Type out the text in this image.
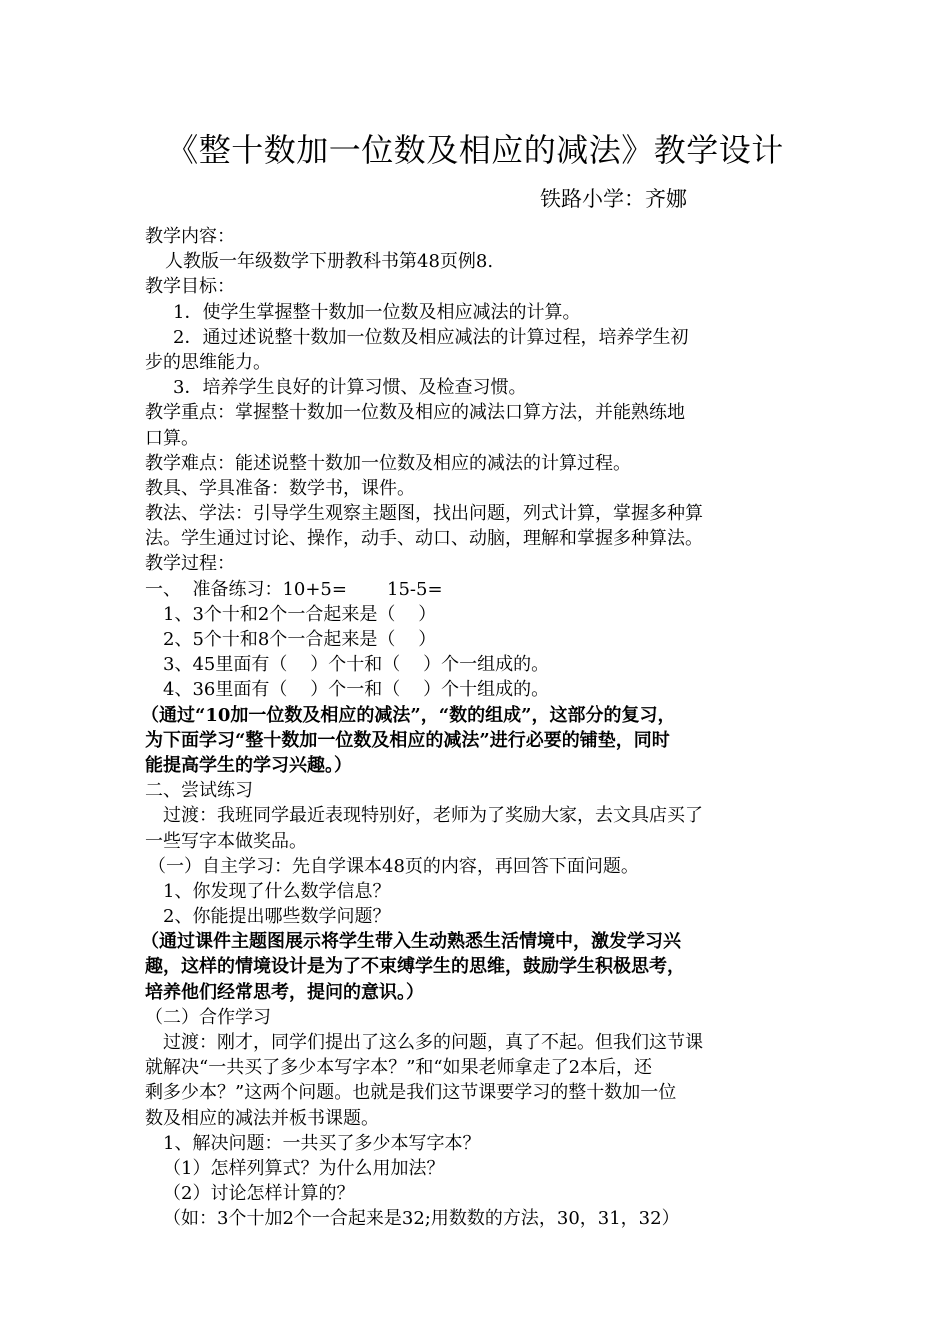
《整十数加一位数及相应的减法》教学设计
铁路小学：齐娜
教学内容：
人教版一年级数学下册教科书第48页例8.
教学目标：
1．使学生掌握整十数加一位数及相应减法的计算。
2．通过述说整十数加一位数及相应减法的计算过程，培养学生初
步的思维能力。
3．培养学生良好的计算习惯、及检查习惯。
教学重点：掌握整十数加一位数及相应的减法口算方法，并能熟练地
口算。
教学难点：能述说整十数加一位数及相应的减法的计算过程。
教具、学具准备：数学书，课件。
教法、学法：引导学生观察主题图，找出问题，列式计算，掌握多种算
法。学生通过讨论、操作，动手、动口、动脑，理解和掌握多种算法。
教学过程：
一、  准备练习：10+5=       15-5=
1、3个十和2个一合起来是（    ）
2、5个十和8个一合起来是（    ）
3、45里面有（    ）个十和（    ）个一组成的。
4、36里面有（    ）个一和（    ）个十组成的。
（通过“10加一位数及相应的减法”，“数的组成”，这部分的复习，
为下面学习“整十数加一位数及相应的减法”进行必要的铺垫，同时
能提高学生的学习兴趣。）
二、尝试练习
过渡：我班同学最近表现特别好，老师为了奖励大家，去文具店买了
一些写字本做奖品。
（一）自主学习：先自学课本48页的内容，再回答下面问题。
1、你发现了什么数学信息？
2、你能提出哪些数学问题？
（通过课件主题图展示将学生带入生动熟悉生活情境中，激发学习兴
趣，这样的情境设计是为了不束缚学生的思维，鼓励学生积极思考，
培养他们经常思考，提问的意识。）
（二）合作学习
过渡：刚才，同学们提出了这么多的问题，真了不起。但我们这节课
就解决“一共买了多少本写字本？”和“如果老师拿走了2本后，还
剩多少本？”这两个问题。也就是我们这节课要学习的整十数加一位
数及相应的减法并板书课题。
1、解决问题：一共买了多少本写字本？
（1）怎样列算式？为什么用加法？
（2）讨论怎样计算的？
（如：3个十加2个一合起来是32;用数数的方法，30，31，32）
